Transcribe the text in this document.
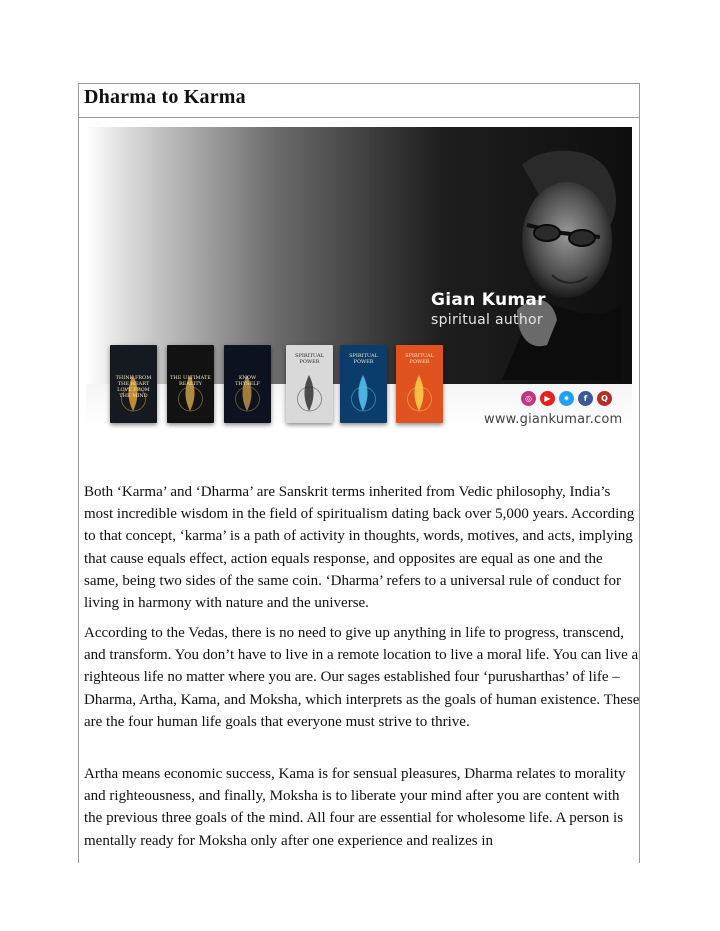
Dharma to Karma
Gian Kumar
spiritual author
THINK FROM THE HEART LOVE FROM THE MIND
THE ULTIMATE REALITY
KNOW THYSELF
SPIRITUAL POWER
SPIRITUAL POWER
SPIRITUAL POWER
◎	▶	✷	f	Q
www.giankumar.com

Both ‘Karma’ and ‘Dharma’ are Sanskrit terms inherited from Vedic philosophy, India’s most incredible wisdom in the field of spiritualism dating back over 5,000 years. According to that concept, ‘karma’ is a path of activity in thoughts, words, motives, and acts, implying that cause equals effect, action equals response, and opposites are equal as one and the same, being two sides of the same coin. ‘Dharma’ refers to a universal rule of conduct for living in harmony with nature and the universe.

According to the Vedas, there is no need to give up anything in life to progress, transcend, and transform. You don’t have to live in a remote location to live a moral life. You can live a righteous life no matter where you are. Our sages established four ‘purusharthas’ of life – Dharma, Artha, Kama, and Moksha, which interprets as the goals of human existence. These are the four human life goals that everyone must strive to thrive.

Artha means economic success, Kama is for sensual pleasures, Dharma relates to morality and righteousness, and finally, Moksha is to liberate your mind after you are content with the previous three goals of the mind. All four are essential for wholesome life. A person is mentally ready for Moksha only after one experience and realizes in
